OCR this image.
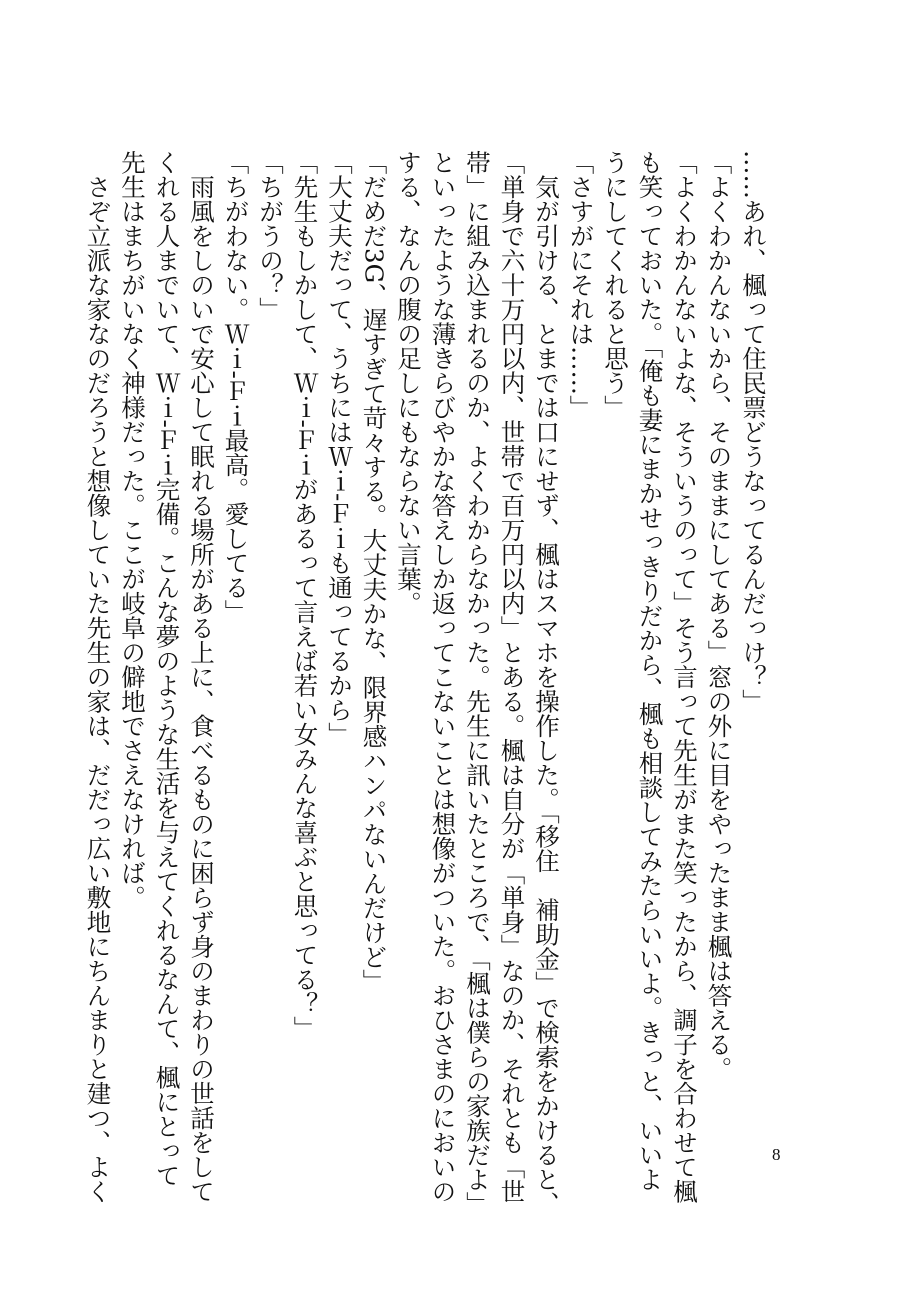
……あれ、楓って住民票どうなってるんだっけ？」
「よくわかんないから、そのままにしてある」窓の外に目をやったまま楓は答える。
「よくわかんないよな、そういうのって」そう言って先生がまた笑ったから、調子を合わせて楓
も笑っておいた。「俺も妻にまかせっきりだから、楓も相談してみたらいいよ。きっと、いいよ
うにしてくれると思う」
「さすがにそれは……」
　気が引ける、とまでは口にせず、楓はスマホを操作した。「移住　補助金」で検索をかけると、
「単身で六十万円以内、世帯で百万円以内」とある。楓は自分が「単身」なのか、それとも「世
帯」に組み込まれるのか、よくわからなかった。先生に訊いたところで、「楓は僕らの家族だよ」
といったような薄きらびやかな答えしか返ってこないことは想像がついた。おひさまのにおいの
する、なんの腹の足しにもならない言葉。
「だめだ3G、遅すぎて苛々する。大丈夫かな、限界感ハンパないんだけど」
「大丈夫だって、うちにはＷｉ‐Ｆｉも通ってるから」
「先生もしかして、Ｗｉ‐Ｆｉがあるって言えば若い女みんな喜ぶと思ってる？」
「ちがうの？」
「ちがわない。Ｗｉ‐Ｆｉ最高。愛してる」
　雨風をしのいで安心して眠れる場所がある上に、食べるものに困らず身のまわりの世話をして
くれる人までいて、Ｗｉ‐Ｆｉ完備。こんな夢のような生活を与えてくれるなんて、楓にとって
先生はまちがいなく神様だった。ここが岐阜の僻地でさえなければ。
　さぞ立派な家なのだろうと想像していた先生の家は、だだっ広い敷地にちんまりと建つ、よく	8
